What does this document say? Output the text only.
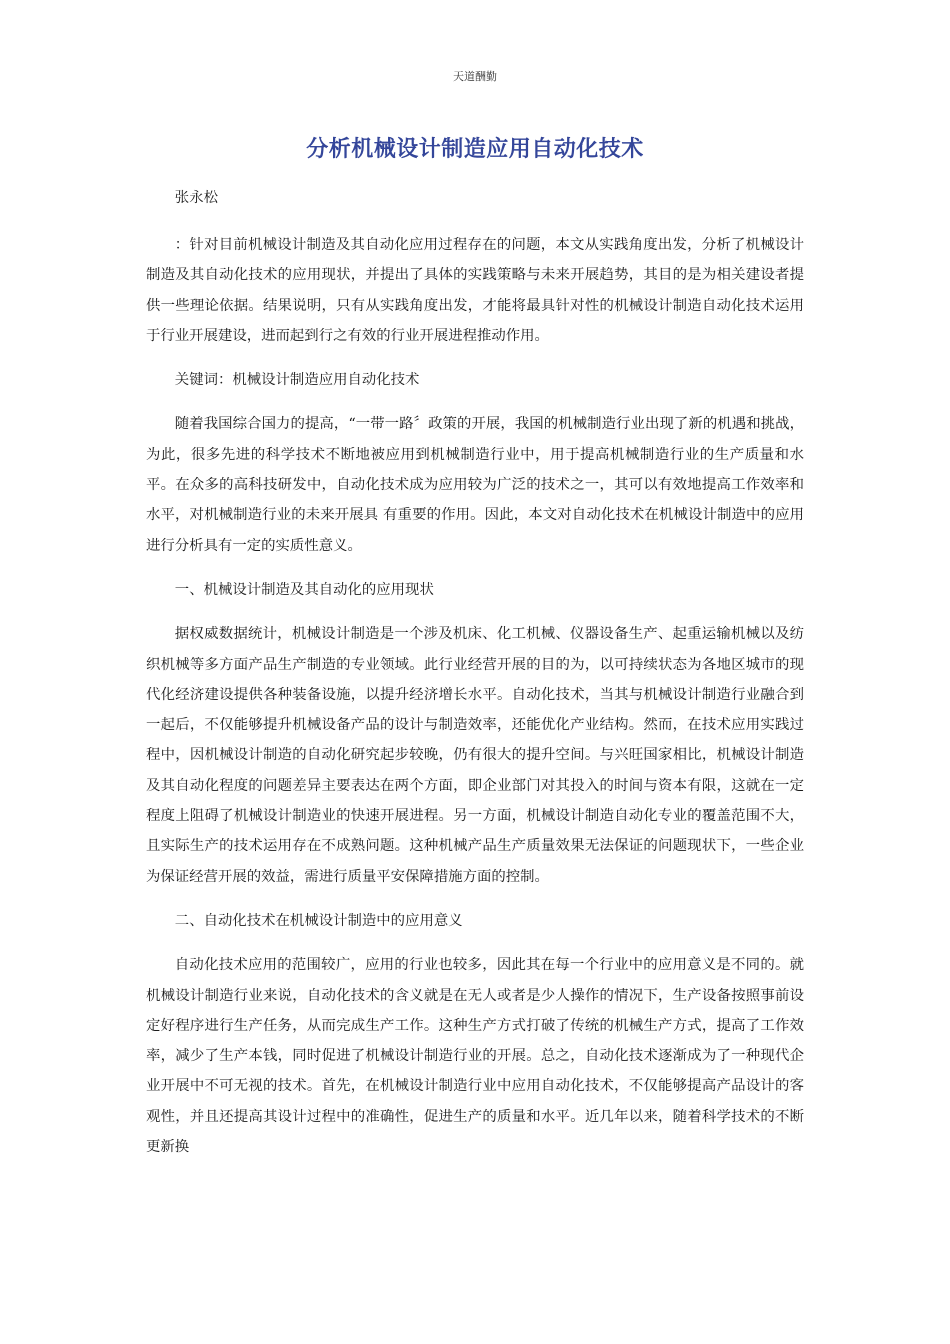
天道酬勤
分析机械设计制造应用自动化技术

张永松

：针对目前机械设计制造及其自动化应用过程存在的问题，本文从实践角度出发，分析了机械设计制造及其自动化技术的应用现状，并提出了具体的实践策略与未来开展趋势，其目的是为相关建设者提供一些理论依据。结果说明，只有从实践角度出发，才能将最具针对性的机械设计制造自动化技术运用于行业开展建设，进而起到行之有效的行业开展进程推动作用。

关键词：机械设计制造应用自动化技术

随着我国综合国力的提高，“一带一路〞政策的开展，我国的机械制造行业出现了新的机遇和挑战，为此，很多先进的科学技术不断地被应用到机械制造行业中，用于提高机械制造行业的生产质量和水平。在众多的高科技研发中，自动化技术成为应用较为广泛的技术之一，其可以有效地提高工作效率和水平，对机械制造行业的未来开展具 有重要的作用。因此，本文对自动化技术在机械设计制造中的应用进行分析具有一定的实质性意义。

一、机械设计制造及其自动化的应用现状

据权威数据统计，机械设计制造是一个涉及机床、化工机械、仪器设备生产、起重运输机械以及纺织机械等多方面产品生产制造的专业领域。此行业经营开展的目的为，以可持续状态为各地区城市的现代化经济建设提供各种装备设施，以提升经济增长水平。自动化技术，当其与机械设计制造行业融合到一起后，不仅能够提升机械设备产品的设计与制造效率，还能优化产业结构。然而，在技术应用实践过程中，因机械设计制造的自动化研究起步较晚，仍有很大的提升空间。与兴旺国家相比，机械设计制造及其自动化程度的问题差异主要表达在两个方面，即企业部门对其投入的时间与资本有限，这就在一定程度上阻碍了机械设计制造业的快速开展进程。另一方面，机械设计制造自动化专业的覆盖范围不大，且实际生产的技术运用存在不成熟问题。这种机械产品生产质量效果无法保证的问题现状下，一些企业为保证经营开展的效益，需进行质量平安保障措施方面的控制。

二、自动化技术在机械设计制造中的应用意义

自动化技术应用的范围较广，应用的行业也较多，因此其在每一个行业中的应用意义是不同的。就机械设计制造行业来说，自动化技术的含义就是在无人或者是少人操作的情况下，生产设备按照事前设定好程序进行生产任务，从而完成生产工作。这种生产方式打破了传统的机械生产方式，提高了工作效率，减少了生产本钱，同时促进了机械设计制造行业的开展。总之，自动化技术逐渐成为了一种现代企业开展中不可无视的技术。首先，在机械设计制造行业中应用自动化技术，不仅能够提高产品设计的客观性，并且还提高其设计过程中的准确性，促进生产的质量和水平。近几年以来，随着科学技术的不断更新换
